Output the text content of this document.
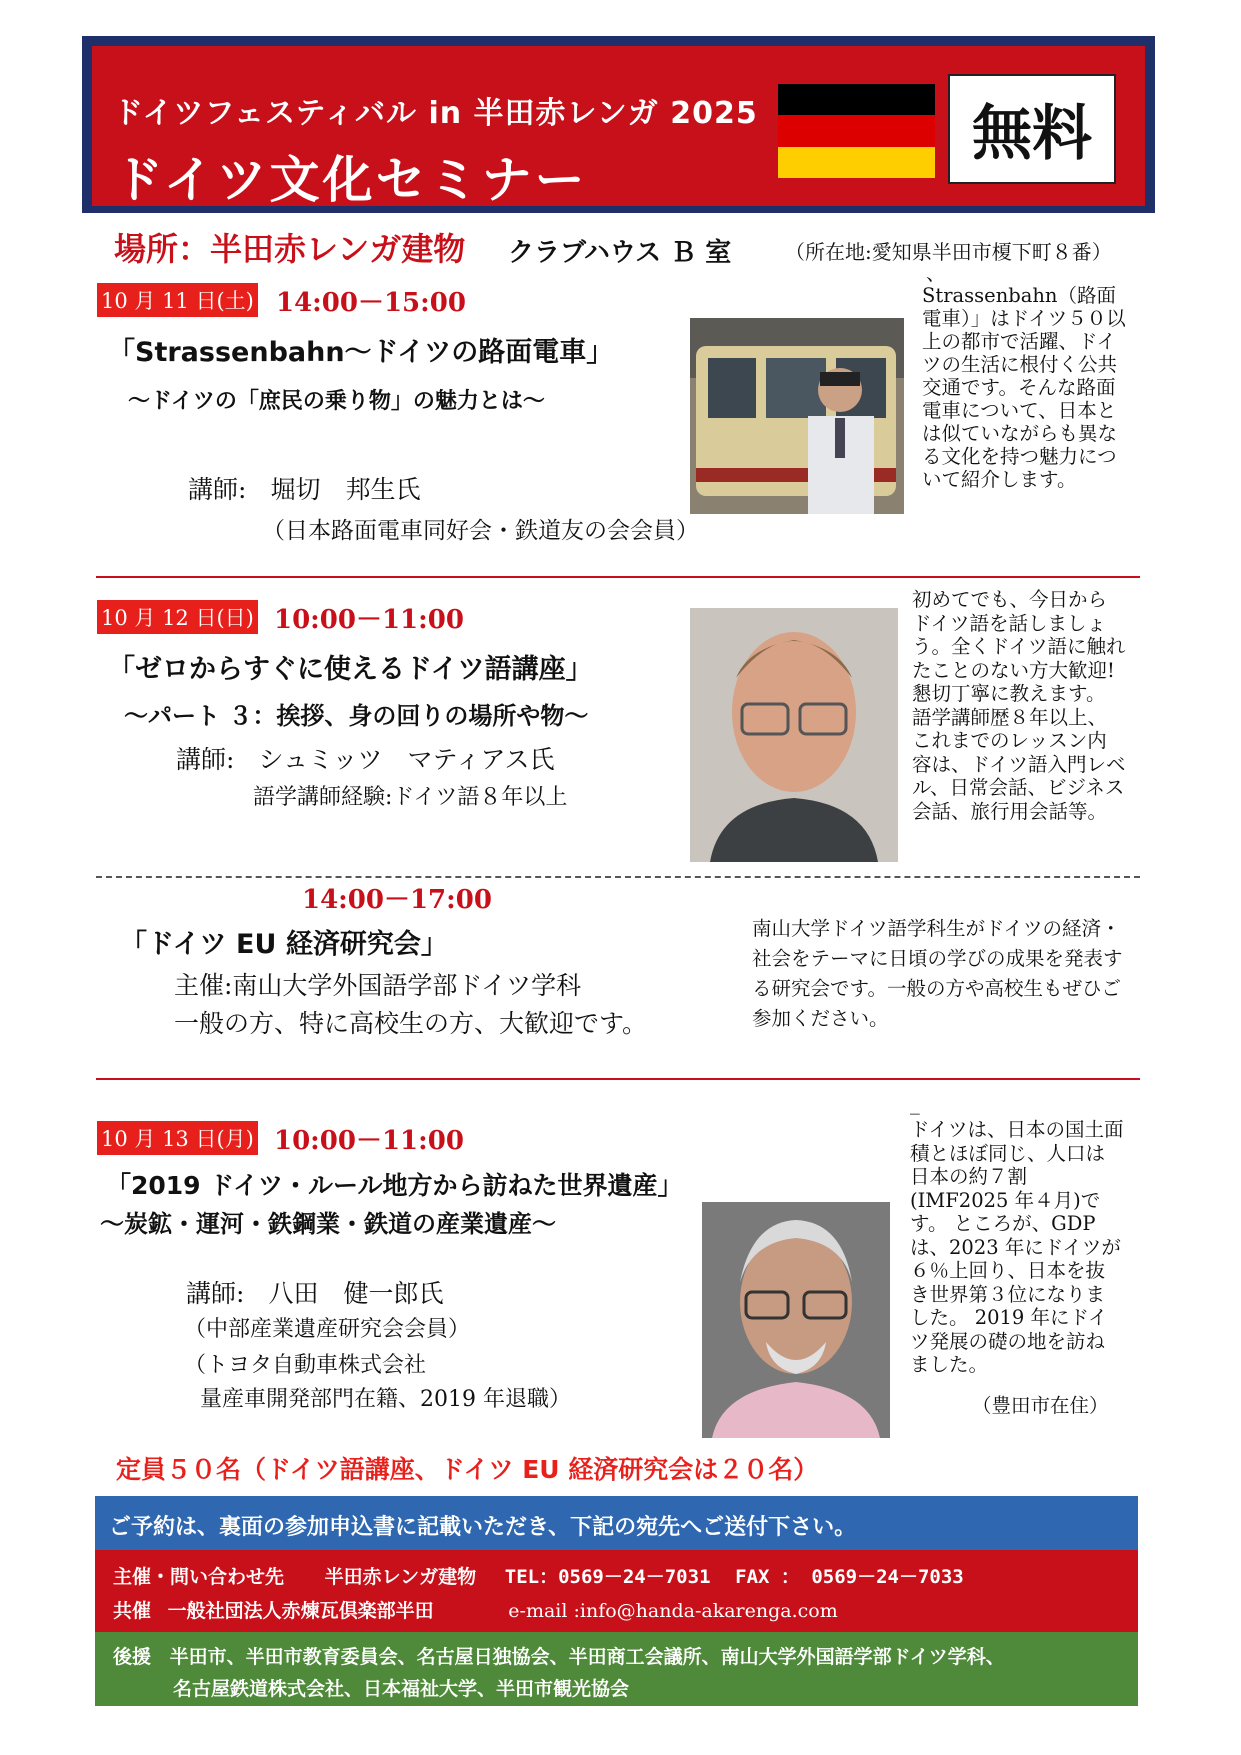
ドイツフェスティバル in 半田赤レンガ 2025
ドイツ文化セミナー
無料
場所：半田赤レンガ建物 クラブハウス Ｂ 室	（所在地:愛知県半田市榎下町８番）
10 月 11 日(土) 14:00－15:00
「Strassenbahn～ドイツの路面電車」
～ドイツの「庶民の乗り物」の魅力とは～
講師: 堀切　邦生氏
（日本路面電車同好会・鉄道友の会会員）
、
Strassenbahn（路面電車）」はドイツ５０以上の都市で活躍、ドイツの生活に根付く公共交通です。そんな路面電車について、日本とは似ていながらも異なる文化を持つ魅力について紹介します。
10 月 12 日(日) 10:00－11:00
「ゼロからすぐに使えるドイツ語講座」
～パート ３：挨拶、身の回りの場所や物～
講師: シュミッツ　マティアス氏
語学講師経験:ドイツ語８年以上
初めてでも、今日からドイツ語を話しましょう。全くドイツ語に触れたことのない方大歓迎! 懇切丁寧に教えます。 語学講師歴８年以上、これまでのレッスン内容は、ドイツ語入門レベル、日常会話、ビジネス会話、旅行用会話等。
14:00－17:00
「ドイツ EU 経済研究会」
主催:南山大学外国語学部ドイツ学科
一般の方、特に高校生の方、大歓迎です。
南山大学ドイツ語学科生がドイツの経済・社会をテーマに日頃の学びの成果を発表する研究会です。一般の方や高校生もぜひご参加ください。
10 月 13 日(月) 10:00－11:00
「2019 ドイツ・ルール地方から訪ねた世界遺産」
～炭鉱・運河・鉄鋼業・鉄道の産業遺産～
講師: 八田　健一郎氏
（中部産業遺産研究会会員）
（トヨタ自動車株式会社
量産車開発部門在籍、2019 年退職）
_
ドイツは、日本の国土面積とほぼ同じ、人口は日本の約７割(IMF2025 年４月)です。 ところが、GDP は、2023 年にドイツが６％上回り、日本を抜き世界第３位になりました。 2019 年にドイツ発展の礎の地を訪ねました。
（豊田市在住）
定員５０名（ドイツ語講座、ドイツ EU 経済研究会は２０名）
ご予約は、裏面の参加申込書に記載いただき、下記の宛先へご送付下さい。
主催・問い合わせ先 半田赤レンガ建物 TEL：0569－24－7031 FAX ： 0569－24－7033
共催 一般社団法人赤煉瓦倶楽部半田	e-mail :info@handa-akarenga.com
後援 半田市、半田市教育委員会、名古屋日独協会、半田商工会議所、南山大学外国語学部ドイツ学科、
名古屋鉄道株式会社、日本福祉大学、半田市観光協会
